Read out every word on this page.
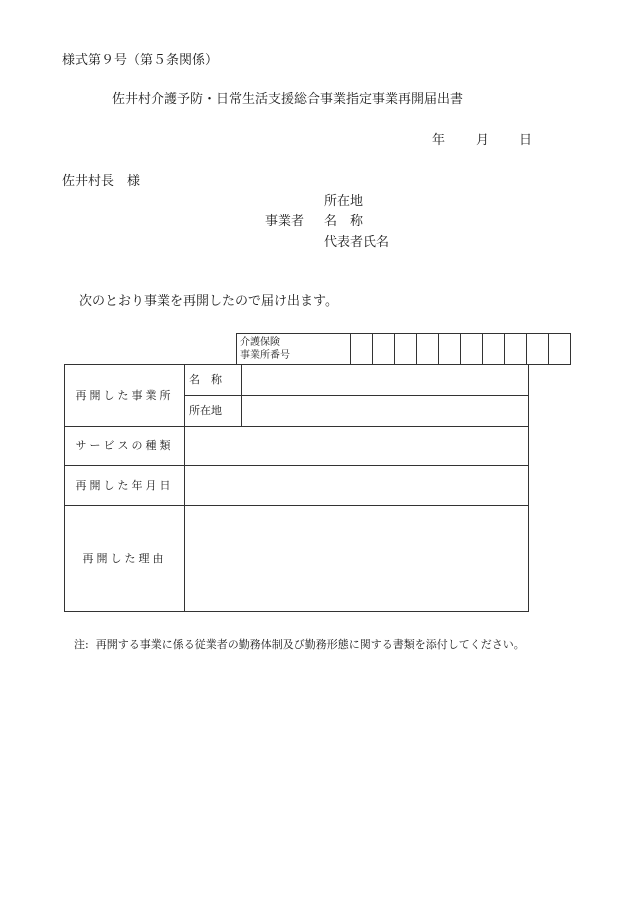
様式第９号（第５条関係）
佐井村介護予防・日常生活支援総合事業指定事業再開届出書
年 月 日
佐井村長　様
所在地
事業者 名　称
代表者氏名
次のとおり事業を再開したので届け出ます。
介護保険
事業所番号										
再開した事業所	名　称	
	所在地	
サービスの種類		
再開した年月日		
再開した理由		
注: 再開する事業に係る従業者の勤務体制及び勤務形態に関する書類を添付してください。
